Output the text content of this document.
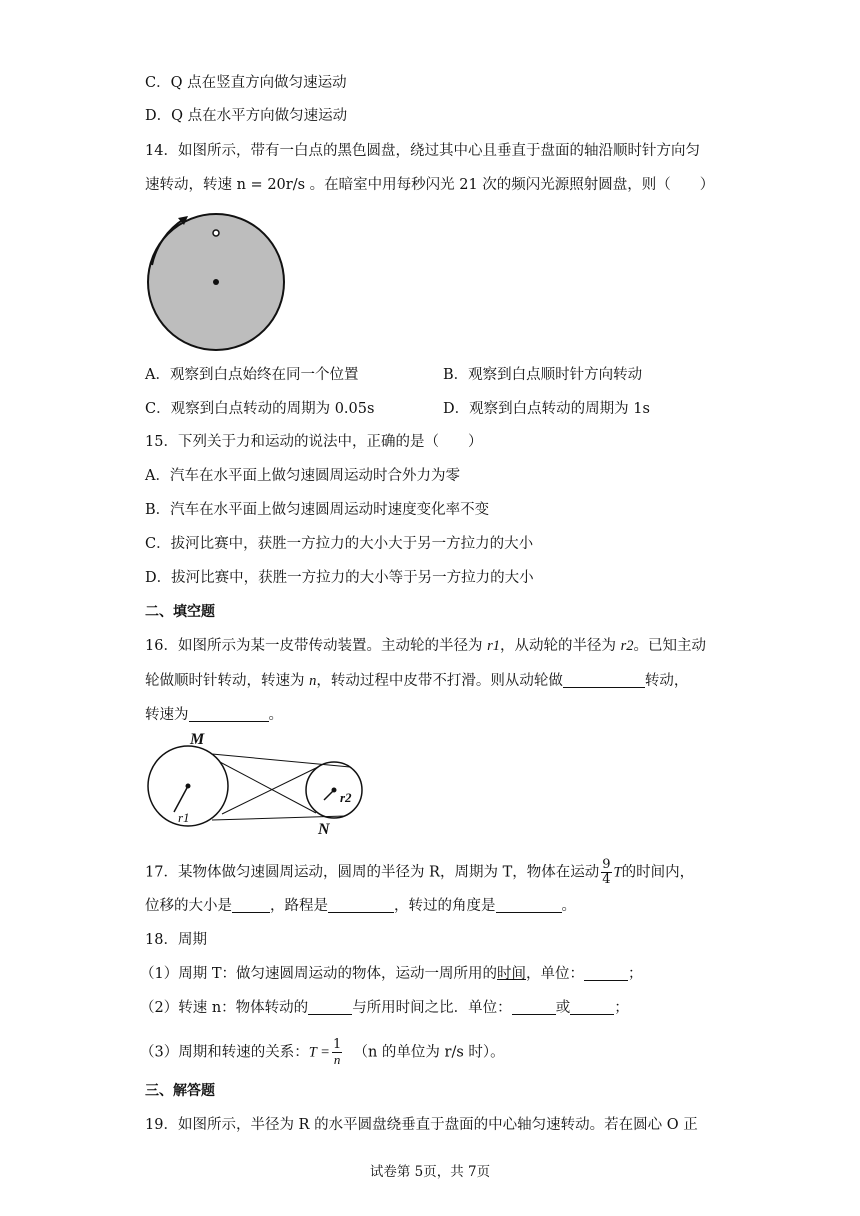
C．Q 点在竖直方向做匀速运动
D．Q 点在水平方向做匀速运动
14．如图所示，带有一白点的黑色圆盘，绕过其中心且垂直于盘面的轴沿顺时针方向匀
速转动，转速 n = 20r/s 。在暗室中用每秒闪光 21 次的频闪光源照射圆盘，则（　　）
A．观察到白点始终在同一个位置	B．观察到白点顺时针方向转动
C．观察到白点转动的周期为 0.05s	D．观察到白点转动的周期为 1s
15．下列关于力和运动的说法中，正确的是（　　）
A．汽车在水平面上做匀速圆周运动时合外力为零
B．汽车在水平面上做匀速圆周运动时速度变化率不变
C．拔河比赛中，获胜一方拉力的大小大于另一方拉力的大小
D．拔河比赛中，获胜一方拉力的大小等于另一方拉力的大小
二、填空题
16．如图所示为某一皮带传动装置。主动轮的半径为 r1，从动轮的半径为 r2。已知主动
轮做顺时针转动，转速为 n，转动过程中皮带不打滑。则从动轮做	转动，
转速为	。
M
N
r1
r2
17．某物体做匀速圆周运动，圆周的半径为 R，周期为 T，物体在运动 $\frac{9}{4}$ T的时间内，
位移的大小是	，路程是	，转过的角度是	。
18．周期
（1）周期 T：做匀速圆周运动的物体，运动一周所用的时间，单位：	；
（2）转速 n：物体转动的	与所用时间之比．单位：	或	；
（3）周期和转速的关系：$T = \frac{1}{n} (n$ 的单位为 r/s 时）。
三、解答题
19．如图所示，半径为 R 的水平圆盘绕垂直于盘面的中心轴匀速转动。若在圆心 O 正
试卷第 5页，共 7页
